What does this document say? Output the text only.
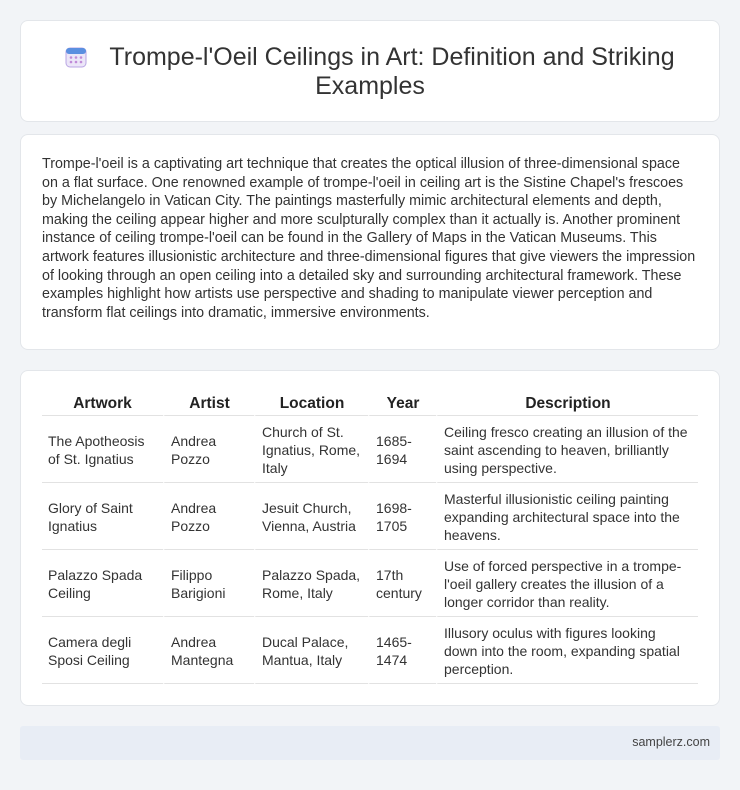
Trompe-l'Oeil Ceilings in Art: Definition and Striking Examples

Trompe-l'oeil is a captivating art technique that creates the optical illusion of three-dimensional space on a flat surface. One renowned example of trompe-l'oeil in ceiling art is the Sistine Chapel's frescoes by Michelangelo in Vatican City. The paintings masterfully mimic architectural elements and depth, making the ceiling appear higher and more sculpturally complex than it actually is. Another prominent instance of ceiling trompe-l'oeil can be found in the Gallery of Maps in the Vatican Museums. This artwork features illusionistic architecture and three-dimensional figures that give viewers the impression of looking through an open ceiling into a detailed sky and surrounding architectural framework. These examples highlight how artists use perspective and shading to manipulate viewer perception and transform flat ceilings into dramatic, immersive environments.

Artwork	Artist	Location	Year	Description
The Apotheosis of St. Ignatius	Andrea Pozzo	Church of St. Ignatius, Rome, Italy	1685-1694	Ceiling fresco creating an illusion of the saint ascending to heaven, brilliantly using perspective.
Glory of Saint Ignatius	Andrea Pozzo	Jesuit Church, Vienna, Austria	1698-1705	Masterful illusionistic ceiling painting expanding architectural space into the heavens.
Palazzo Spada Ceiling	Filippo Barigioni	Palazzo Spada, Rome, Italy	17th century	Use of forced perspective in a trompe-l'oeil gallery creates the illusion of a longer corridor than reality.
Camera degli Sposi Ceiling	Andrea Mantegna	Ducal Palace, Mantua, Italy	1465-1474	Illusory oculus with figures looking down into the room, expanding spatial perception.
samplerz.com
